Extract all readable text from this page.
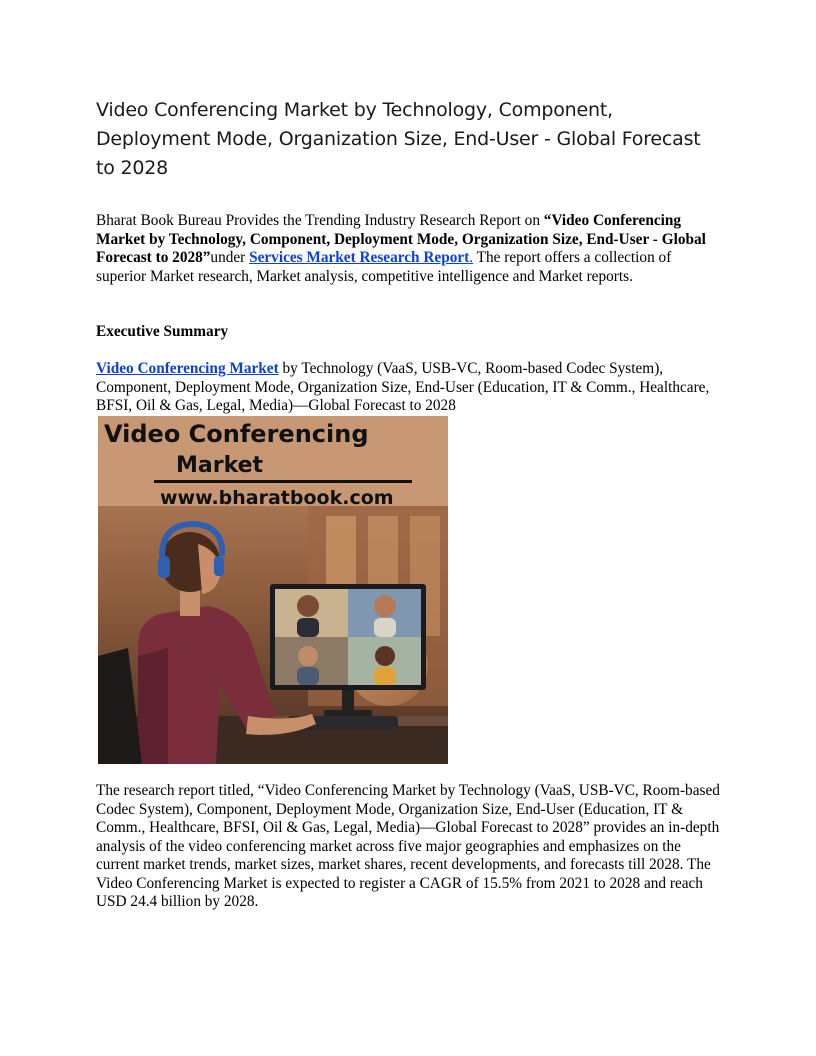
Video Conferencing Market by Technology, Component, Deployment Mode, Organization Size, End-User - Global Forecast to 2028

Bharat Book Bureau Provides the Trending Industry Research Report on “Video Conferencing Market by Technology, Component, Deployment Mode, Organization Size, End-User - Global Forecast to 2028”under Services Market Research Report. The report offers a collection of superior Market research, Market analysis, competitive intelligence and Market reports.

Executive Summary

Video Conferencing Market by Technology (VaaS, USB-VC, Room-based Codec System), Component, Deployment Mode, Organization Size, End-User (Education, IT & Comm., Healthcare, BFSI, Oil & Gas, Legal, Media)—Global Forecast to 2028

Video Conferencing
Market
www.bharatbook.com

The research report titled, “Video Conferencing Market by Technology (VaaS, USB-VC, Room-based Codec System), Component, Deployment Mode, Organization Size, End-User (Education, IT & Comm., Healthcare, BFSI, Oil & Gas, Legal, Media)—Global Forecast to 2028” provides an in-depth analysis of the video conferencing market across five major geographies and emphasizes on the current market trends, market sizes, market shares, recent developments, and forecasts till 2028. The Video Conferencing Market is expected to register a CAGR of 15.5% from 2021 to 2028 and reach USD 24.4 billion by 2028.
